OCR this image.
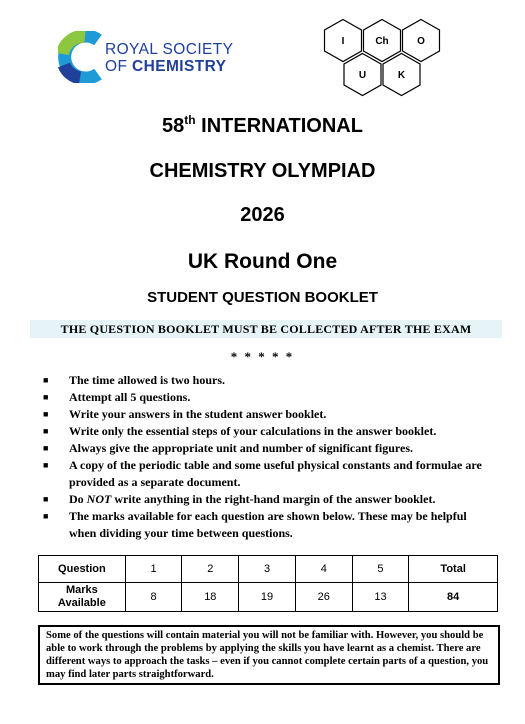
ROYAL SOCIETY
OF CHEMISTRY
I	Ch	O
U	K
58th INTERNATIONAL
CHEMISTRY OLYMPIAD
2026
UK Round One
STUDENT QUESTION BOOKLET
THE QUESTION BOOKLET MUST BE COLLECTED AFTER THE EXAM
* * * * *
■ The time allowed is two hours.
■ Attempt all 5 questions.
■ Write your answers in the student answer booklet.
■ Write only the essential steps of your calculations in the answer booklet.
■ Always give the appropriate unit and number of significant figures.
■ A copy of the periodic table and some useful physical constants and formulae are provided as a separate document.
■ Do NOT write anything in the right-hand margin of the answer booklet.
■ The marks available for each question are shown below. These may be helpful when dividing your time between questions.
Question	1	2	3	4	5	Total

Marks
Available	8	18	19	26	13	84
Some of the questions will contain material you will not be familiar with. However, you should be able to work through the problems by applying the skills you have learnt as a chemist. There are different ways to approach the tasks – even if you cannot complete certain parts of a question, you may find later parts straightforward.
